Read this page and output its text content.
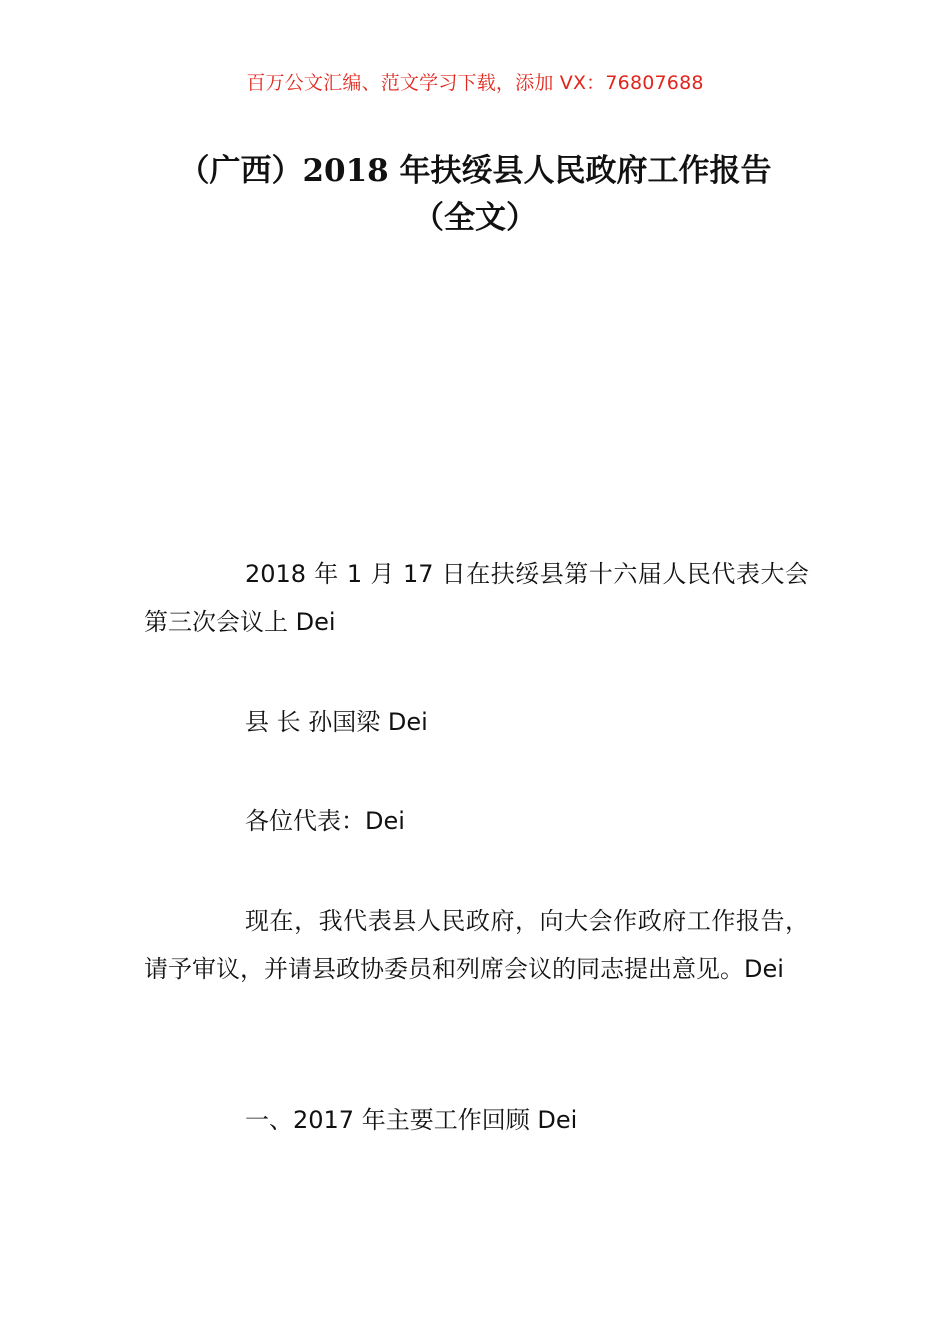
百万公文汇编、范文学习下载，添加 VX：76807688
（广西）2018 年扶绥县人民政府工作报告
（全文）

2018 年 1 月 17 日在扶绥县第十六届人民代表大会第三次会议上 Dei

县 长 孙国梁 Dei

各位代表：Dei

现在，我代表县人民政府，向大会作政府工作报告，请予审议，并请县政协委员和列席会议的同志提出意见。Dei

一、2017 年主要工作回顾 Dei
